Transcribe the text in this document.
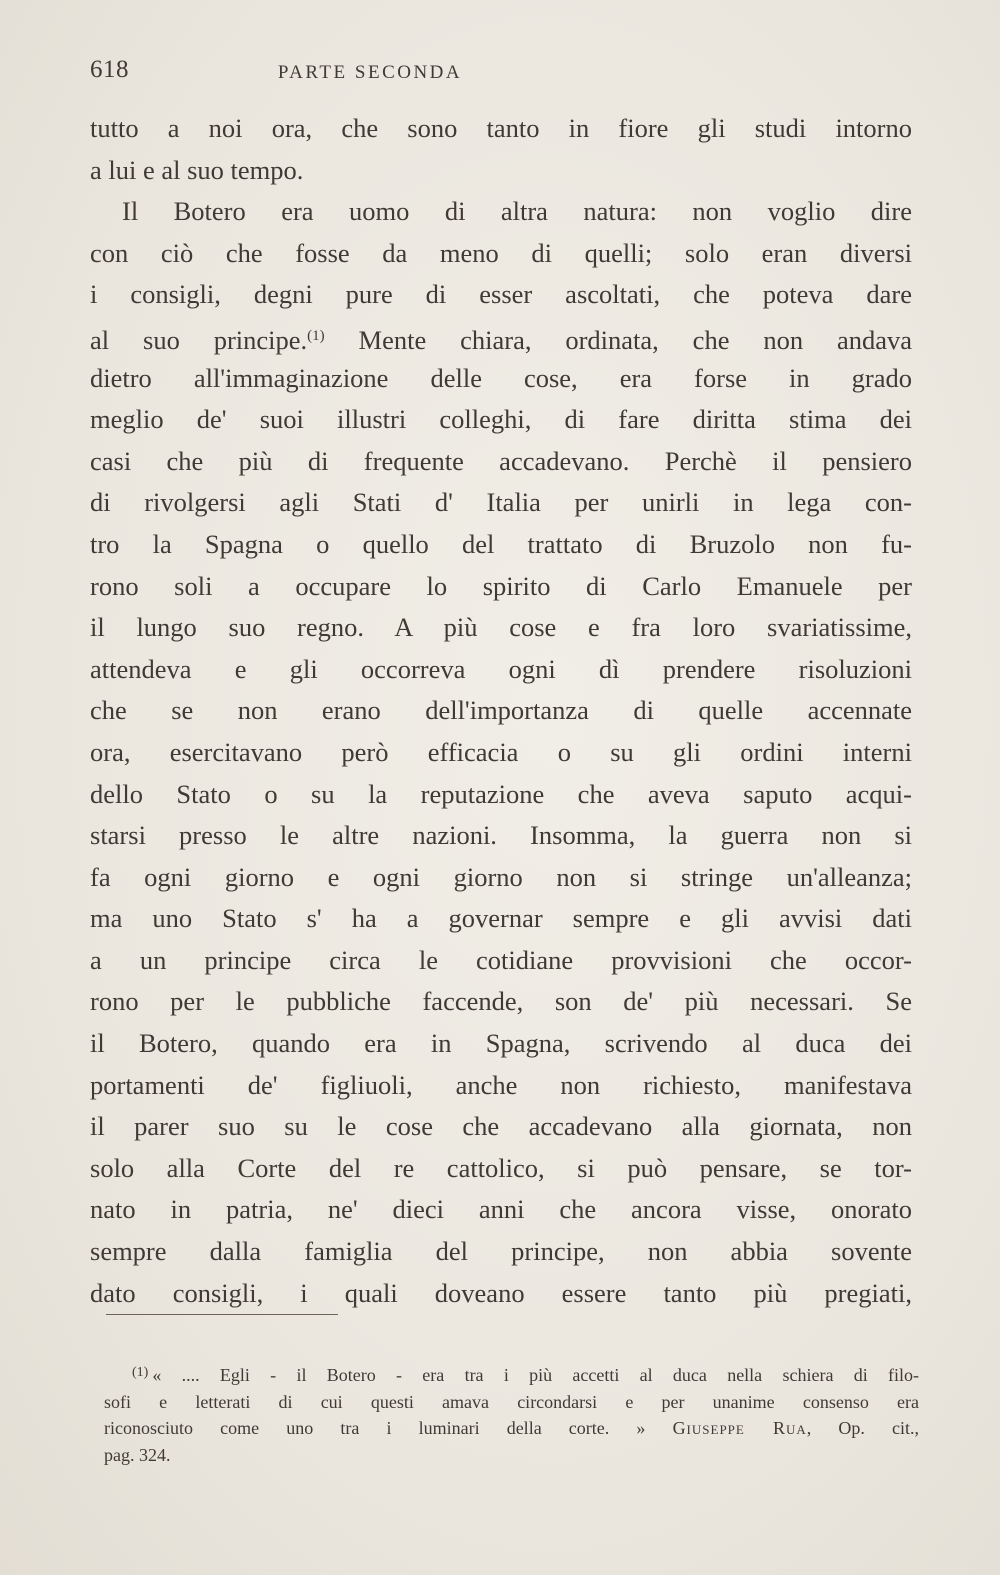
618	PARTE SECONDA
tutto a noi ora, che sono tanto in fiore gli studi intorno
a lui e al suo tempo.
Il Botero era uomo di altra natura: non voglio dire
con ciò che fosse da meno di quelli; solo eran diversi
i consigli, degni pure di esser ascoltati, che poteva dare
al suo principe.$^{(1)}$ Mente chiara, ordinata, che non andava
dietro all'immaginazione delle cose, era forse in grado
meglio de' suoi illustri colleghi, di fare diritta stima dei
casi che più di frequente accadevano. Perchè il pensiero
di rivolgersi agli Stati d' Italia per unirli in lega con-
tro la Spagna o quello del trattato di Bruzolo non fu-
rono soli a occupare lo spirito di Carlo Emanuele per
il lungo suo regno. A più cose e fra loro svariatissime,
attendeva e gli occorreva ogni dì prendere risoluzioni
che se non erano dell'importanza di quelle accennate
ora, esercitavano però efficacia o su gli ordini interni
dello Stato o su la reputazione che aveva saputo acqui-
starsi presso le altre nazioni. Insomma, la guerra non si
fa ogni giorno e ogni giorno non si stringe un'alleanza;
ma uno Stato s' ha a governar sempre e gli avvisi dati
a un principe circa le cotidiane provvisioni che occor-
rono per le pubbliche faccende, son de' più necessari. Se
il Botero, quando era in Spagna, scrivendo al duca dei
portamenti de' figliuoli, anche non richiesto, manifestava
il parer suo su le cose che accadevano alla giornata, non
solo alla Corte del re cattolico, si può pensare, se tor-
nato in patria, ne' dieci anni che ancora visse, onorato
sempre dalla famiglia del principe, non abbia sovente
dato consigli, i quali doveano essere tanto più pregiati,
$^{(1)}$ « .... Egli - il Botero - era tra i più accetti al duca nella schiera di filo-
sofi e letterati di cui questi amava circondarsi e per unanime consenso era
riconosciuto come uno tra i luminari della corte. » Giuseppe Rua, Op. cit.,
pag. 324.
